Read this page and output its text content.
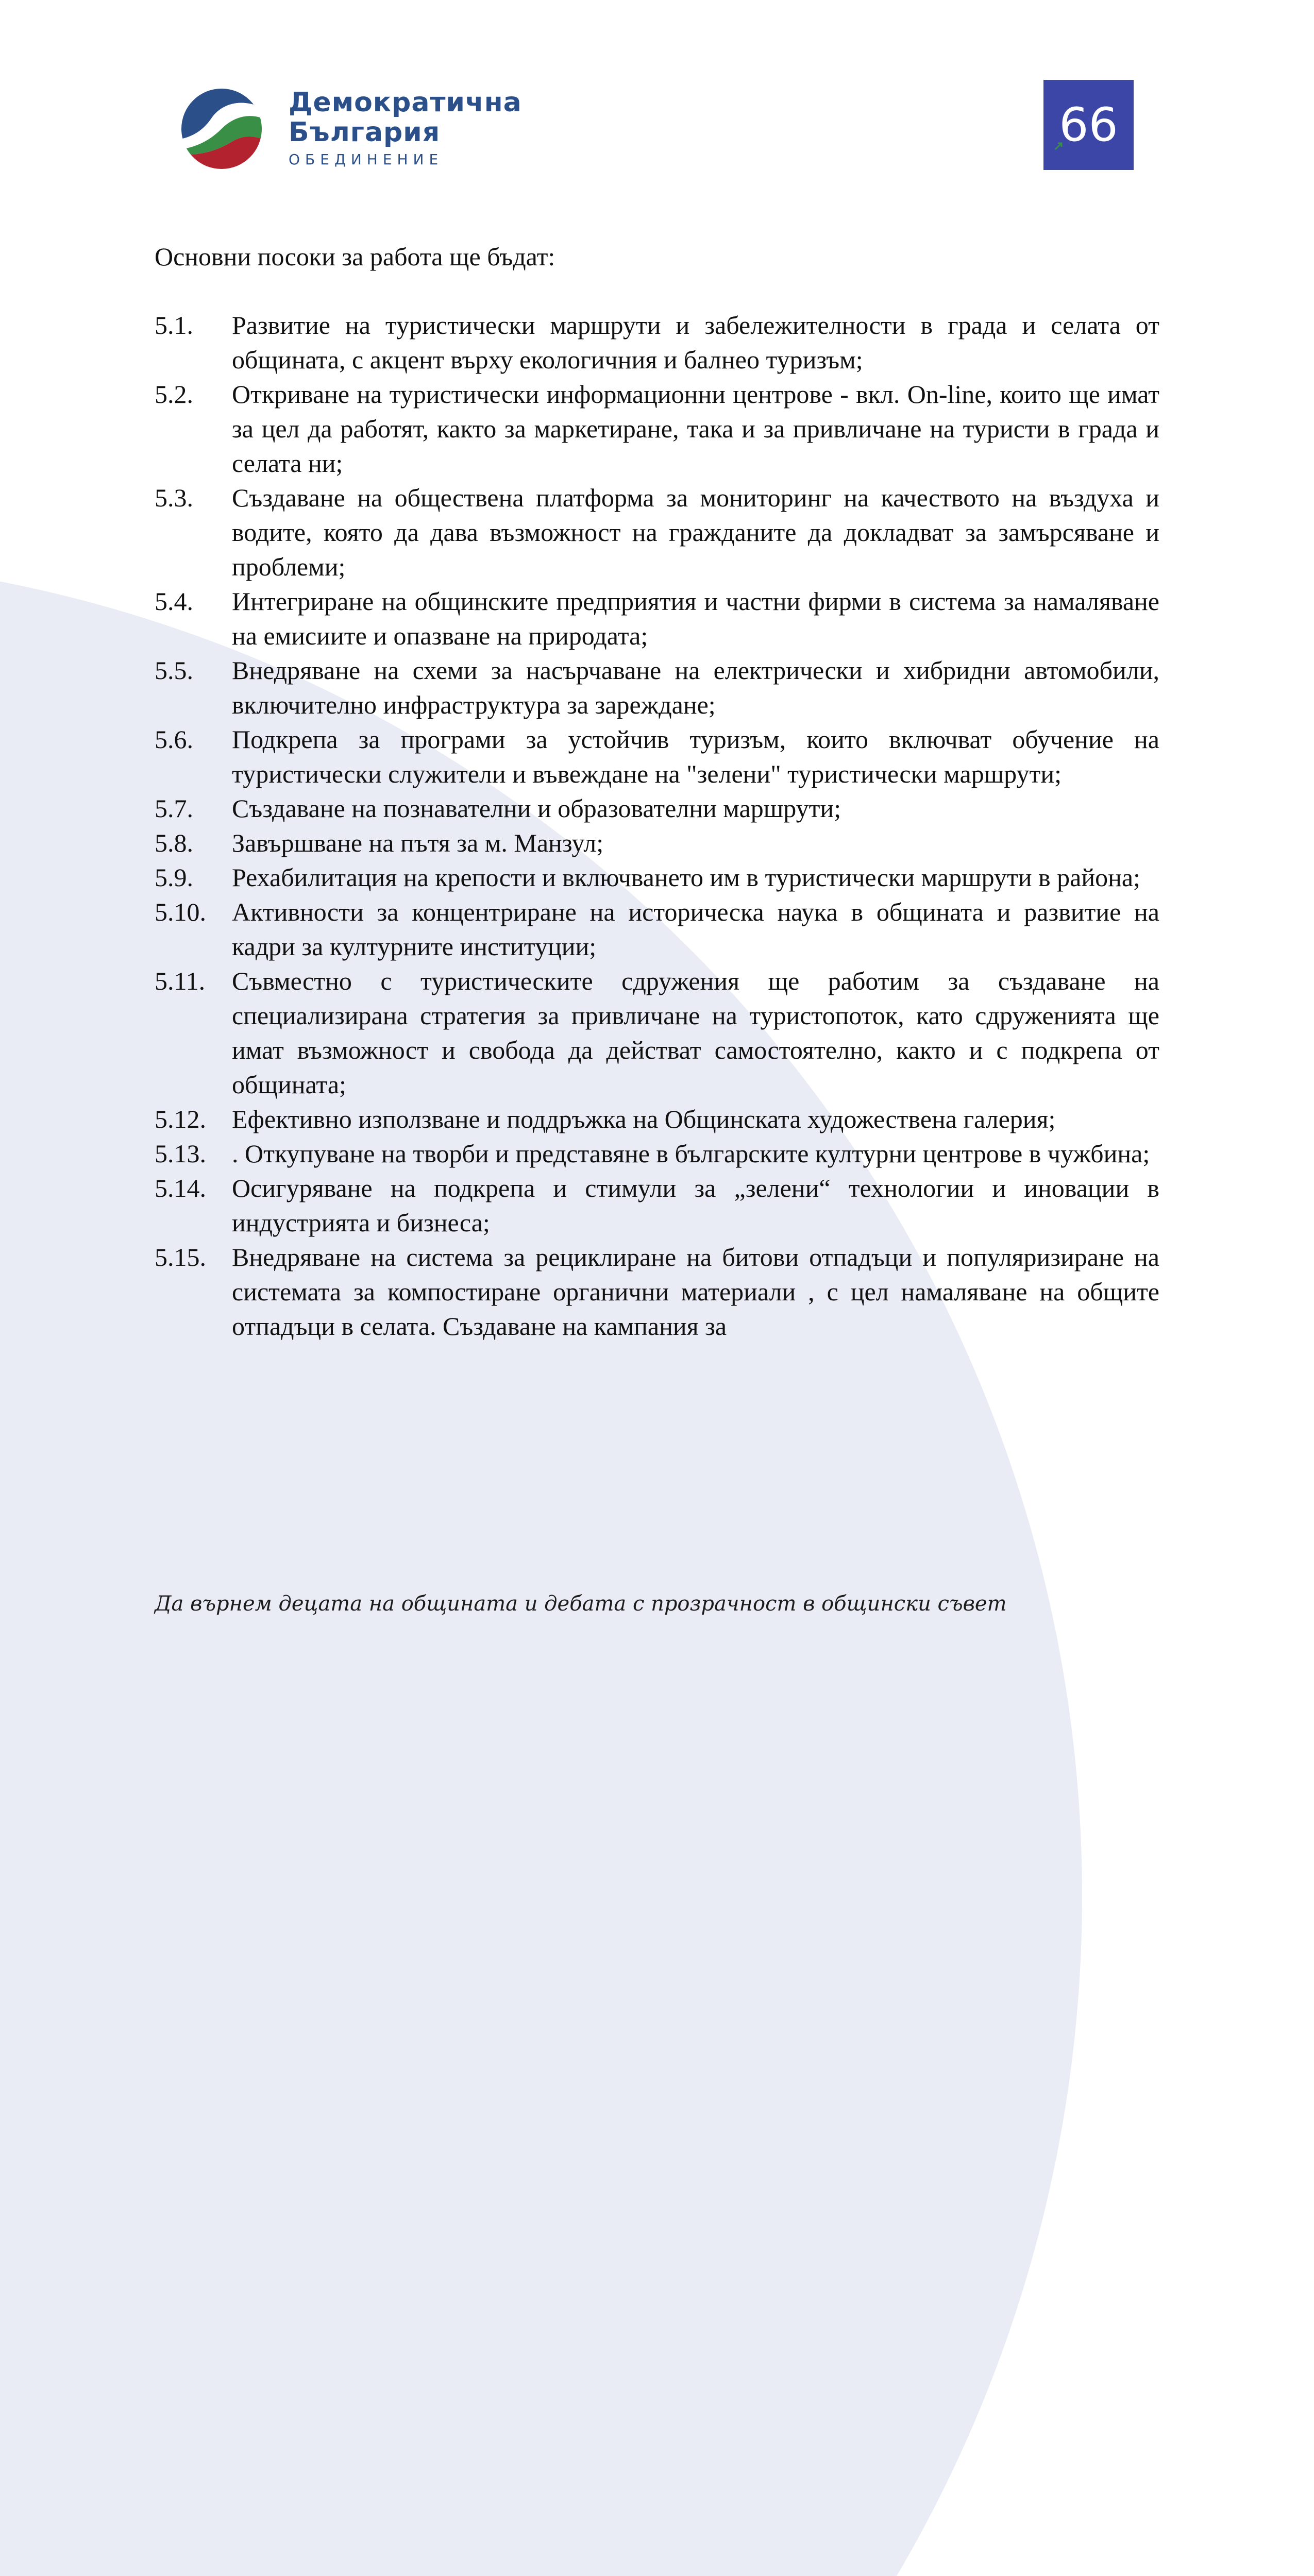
Демократична
България
ОБЕДИНЕНИЕ
66

Основни посоки за работа ще бъдат:

5.1.	Развитие на туристически маршрути и забележителности в града и селата от общината, с акцент върху екологичния и балнео туризъм;
5.2.	Откриване на туристически информационни центрове - вкл. On-line, които ще имат за цел да работят, както за маркетиране, така и за привличане на туристи в града и селата ни;
5.3.	Създаване на обществена платформа за мониторинг на качеството на въздуха и водите, която да дава възможност на гражданите да докладват за замърсяване и проблеми;
5.4.	Интегриране на общинските предприятия и частни фирми в система за намаляване на емисиите и опазване на природата;
5.5.	Внедряване на схеми за насърчаване на електрически и хибридни автомобили, включително инфраструктура за зареждане;
5.6.	Подкрепа за програми за устойчив туризъм, които включват обучение на туристически служители и въвеждане на "зелени" туристически маршрути;
5.7.	Създаване на познавателни и образователни маршрути;
5.8.	Завършване на пътя за м. Манзул;
5.9.	Рехабилитация на крепости и включването им в туристически маршрути в района;
5.10.	Активности за концентриране на историческа наука в общината и развитие на кадри за културните институции;
5.11.	Съвместно с туристическите сдружения ще работим за създаване на специализирана стратегия за привличане на туристопоток, като сдруженията ще имат възможност и свобода да действат самостоятелно, както и с подкрепа от общината;
5.12.	Ефективно използване и поддръжка на Общинската художествена галерия;
5.13.	. Откупуване на творби и представяне в българските културни центрове в чужбина;
5.14.	Осигуряване на подкрепа и стимули за „зелени“ технологии и иновации в индустрията и бизнеса;
5.15.	Внедряване на система за рециклиране на битови отпадъци и популяризиране на системата за компостиране органични материали , с цел намаляване на общите отпадъци в селата. Създаване на кампания за
Да върнем децата на общината и дебата с прозрачност в общински съвет
